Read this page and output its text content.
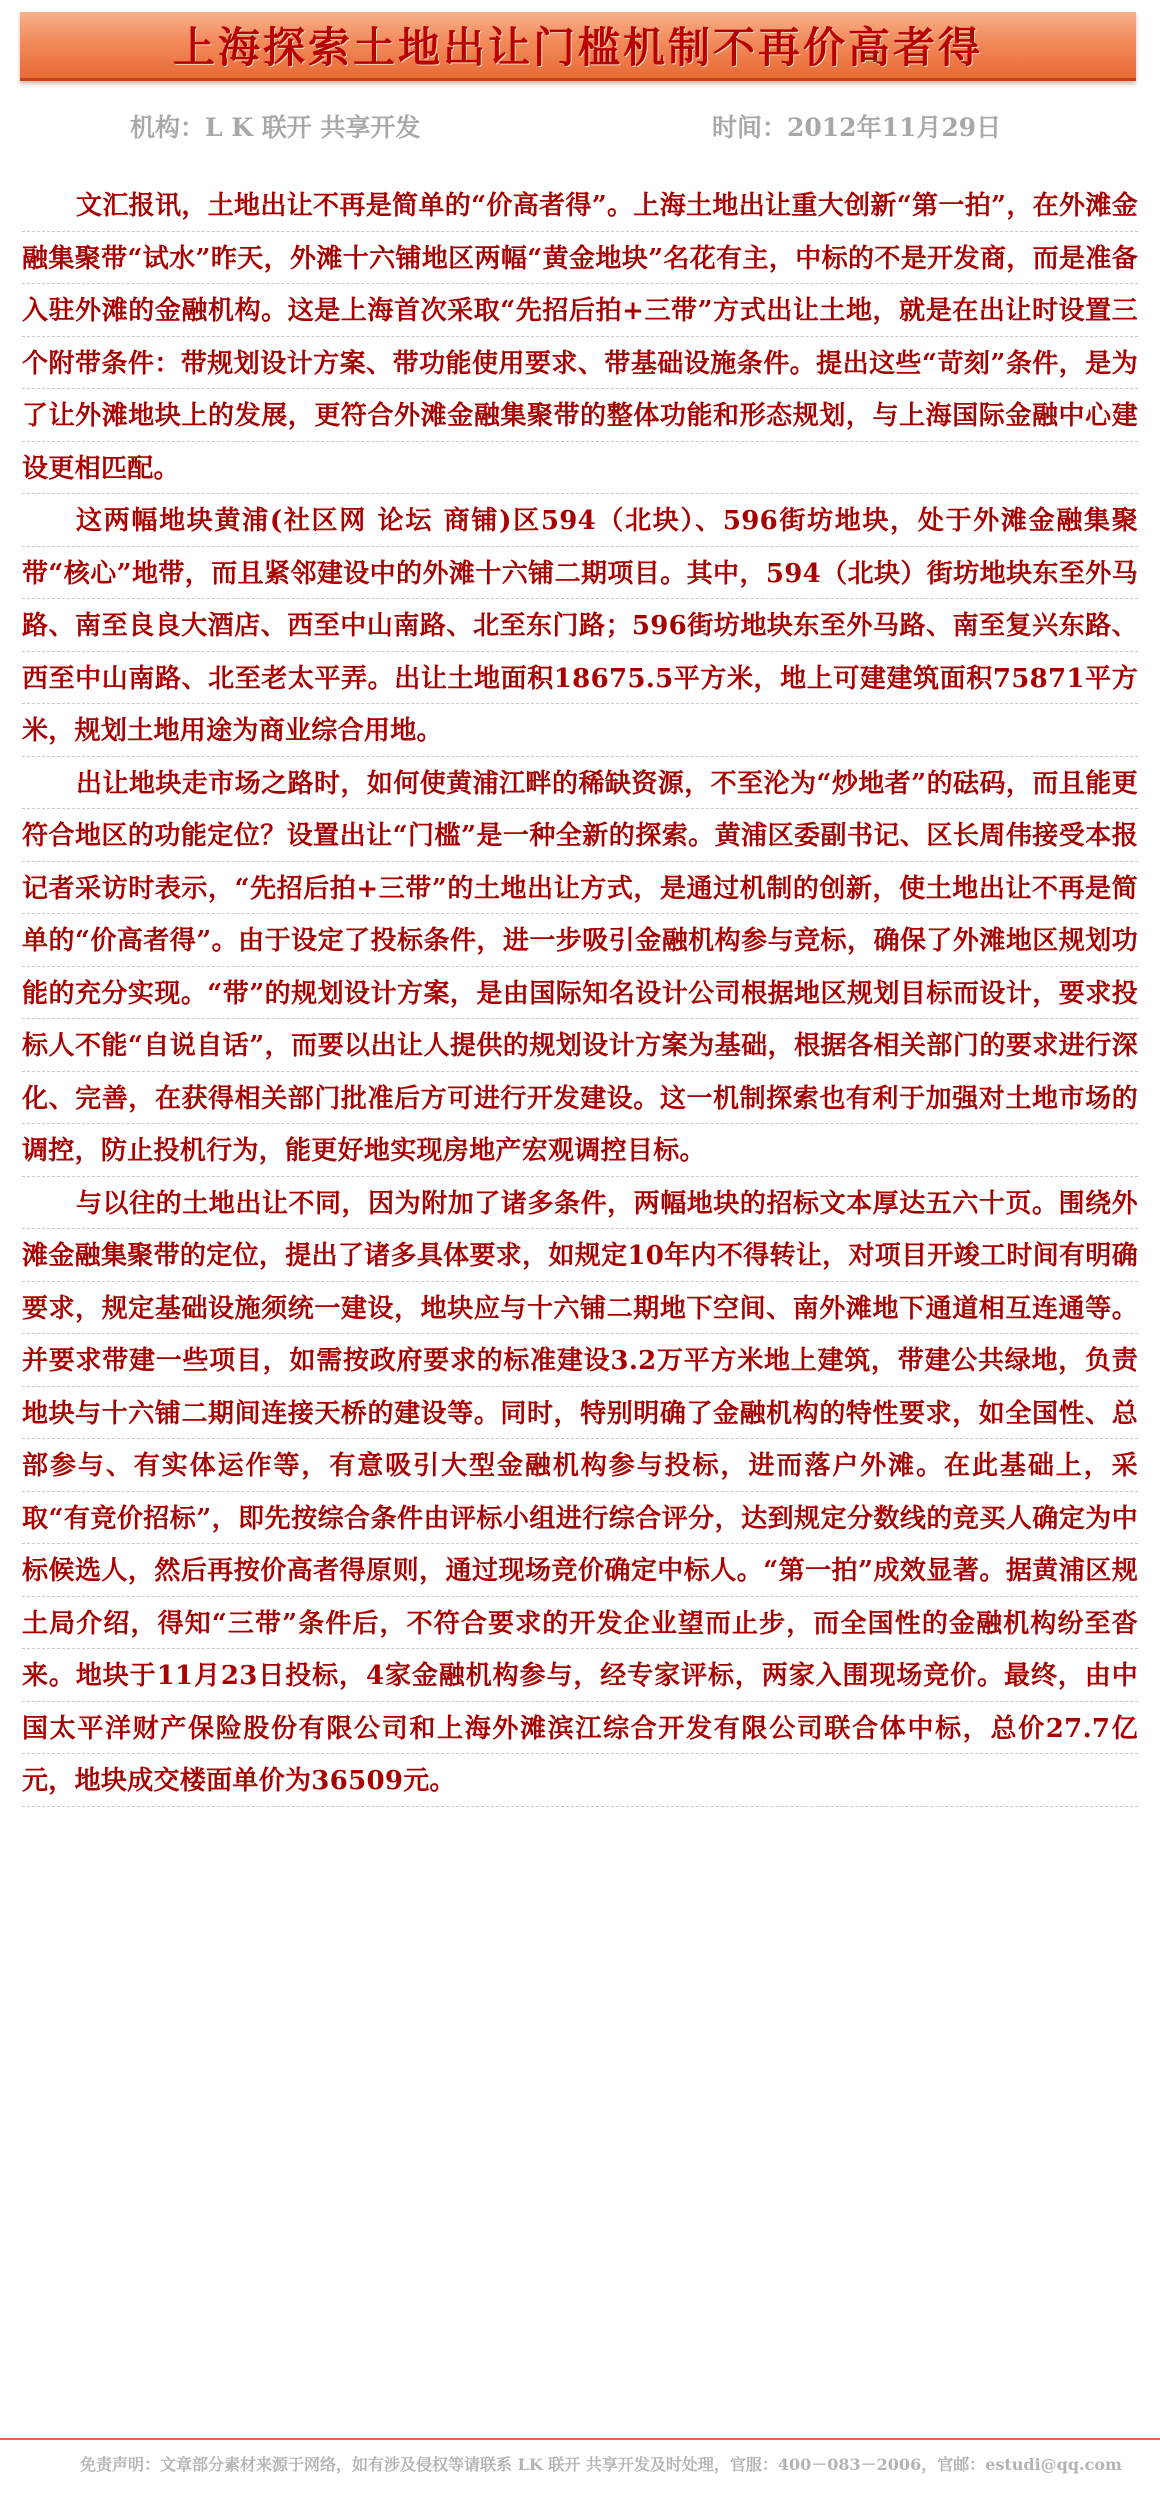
上海探索土地出让门槛机制不再价高者得
机构：L K 联开 共享开发	时间：2012年11月29日

文汇报讯，土地出让不再是简单的“价高者得”。上海土地出让重大创新“第一拍”，在外滩金融集聚带“试水”昨天，外滩十六铺地区两幅“黄金地块”名花有主，中标的不是开发商，而是准备入驻外滩的金融机构。这是上海首次采取“先招后拍+三带”方式出让土地，就是在出让时设置三个附带条件：带规划设计方案、带功能使用要求、带基础设施条件。提出这些“苛刻”条件，是为了让外滩地块上的发展，更符合外滩金融集聚带的整体功能和形态规划，与上海国际金融中心建设更相匹配。

这两幅地块黄浦(社区网 论坛 商铺)区594（北块）、596街坊地块，处于外滩金融集聚带“核心”地带，而且紧邻建设中的外滩十六铺二期项目。其中，594（北块）街坊地块东至外马路、南至良良大酒店、西至中山南路、北至东门路；596街坊地块东至外马路、南至复兴东路、西至中山南路、北至老太平弄。出让土地面积18675.5平方米，地上可建建筑面积75871平方米，规划土地用途为商业综合用地。

出让地块走市场之路时，如何使黄浦江畔的稀缺资源，不至沦为“炒地者”的砝码，而且能更符合地区的功能定位？设置出让“门槛”是一种全新的探索。黄浦区委副书记、区长周伟接受本报记者采访时表示，“先招后拍+三带”的土地出让方式，是通过机制的创新，使土地出让不再是简单的“价高者得”。由于设定了投标条件，进一步吸引金融机构参与竞标，确保了外滩地区规划功能的充分实现。“带”的规划设计方案，是由国际知名设计公司根据地区规划目标而设计，要求投标人不能“自说自话”，而要以出让人提供的规划设计方案为基础，根据各相关部门的要求进行深化、完善，在获得相关部门批准后方可进行开发建设。这一机制探索也有利于加强对土地市场的调控，防止投机行为，能更好地实现房地产宏观调控目标。

与以往的土地出让不同，因为附加了诸多条件，两幅地块的招标文本厚达五六十页。围绕外滩金融集聚带的定位，提出了诸多具体要求，如规定10年内不得转让，对项目开竣工时间有明确要求，规定基础设施须统一建设，地块应与十六铺二期地下空间、南外滩地下通道相互连通等。并要求带建一些项目，如需按政府要求的标准建设3.2万平方米地上建筑，带建公共绿地，负责地块与十六铺二期间连接天桥的建设等。同时，特别明确了金融机构的特性要求，如全国性、总部参与、有实体运作等，有意吸引大型金融机构参与投标，进而落户外滩。在此基础上，采取“有竞价招标”，即先按综合条件由评标小组进行综合评分，达到规定分数线的竞买人确定为中标候选人，然后再按价高者得原则，通过现场竞价确定中标人。“第一拍”成效显著。据黄浦区规土局介绍，得知“三带”条件后，不符合要求的开发企业望而止步，而全国性的金融机构纷至沓来。地块于11月23日投标，4家金融机构参与，经专家评标，两家入围现场竞价。最终，由中国太平洋财产保险股份有限公司和上海外滩滨江综合开发有限公司联合体中标，总价27.7亿元，地块成交楼面单价为36509元。

免责声明：文章部分素材来源于网络，如有涉及侵权等请联系 LK 联开 共享开发及时处理，官服：400－083－2006，官邮：estudi@qq.com
